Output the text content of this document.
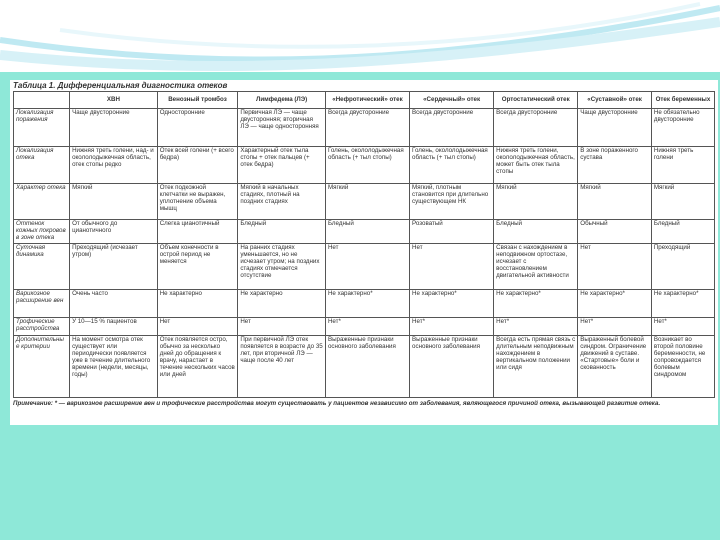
Таблица 1. Дифференциальная диагностика отеков
	ХВН	Венозный тромбоз	Лимфедема (ЛЭ)	«Нефротический» отек	«Сердечный» отек	Ортостатический отек	«Суставной» отек	Отек беременных
Локализация поражения	Чаще двусторонние	Односторонние	Первичная ЛЭ — чаще двусторонняя; вторичная ЛЭ — чаще односторонняя	Всегда двусторонние	Всегда двусторонние	Всегда двусторонние	Чаще двусторонние	Не обязательно двусторонние
Локализация отека	Нижняя треть голени, над- и окололодыжечная область, отек стопы редко	Отек всей голени (+ всего бедра)	Характерный отек тыла стопы + отек пальцев (+ отек бедра)	Голень, окололодыжечная область (+ тыл стопы)	Голень, окололодыжечная область (+ тыл стопы)	Нижняя треть голени, окололодыжечная область, может быть отек тыла стопы	В зоне пораженного сустава	Нижняя треть голени
Характер отека	Мягкий	Отек подкожной клетчатки не выражен, уплотнение объема мышц	Мягкий в начальных стадиях, плотный на поздних стадиях	Мягкий	Мягкий, плотным становится при длительно существующем НК	Мягкий	Мягкий	Мягкий
Оттенок кожных покровов в зоне отека	От обычного до цианотичного	Слегка цианотичный	Бледный	Бледный	Розоватый	Бледный	Обычный	Бледный
Суточная динамика	Преходящий (исчезает утром)	Объем конечности в острой период не меняется	На ранних стадиях уменьшается, но не исчезает утром; на поздних стадиях отмечается отсутствие	Нет	Нет	Связан с нахождением в неподвижном ортостазе, исчезает с восстановлением двигательной активности	Нет	Преходящий
Варикозное расширение вен	Очень часто	Не характерно	Не характерно	Не характерно*	Не характерно*	Не характерно*	Не характерно*	Не характерно*
Трофические расстройства	У 10—15 % пациентов	Нет	Нет	Нет*	Нет*	Нет*	Нет*	Нет*
Дополнительные критерии	На момент осмотра отек существует или периодически появляется уже в течение длительного времени (недели, месяцы, годы)	Отек появляется остро, обычно за несколько дней до обращения к врачу, нарастает в течение нескольких часов или дней	При первичной ЛЭ отек появляется в возрасте до 35 лет, при вторичной ЛЭ — чаще после 40 лет	Выраженные признаки основного заболевания	Выраженные признаки основного заболевания	Всегда есть прямая связь с длительным неподвижным нахождением в вертикальном положении или сидя	Выраженный болевой синдром. Ограничение движений в суставе. «Стартовые» боли и скованность	Возникает во второй половине беременности, не сопровождается болевым синдромом
Примечание: * — варикозное расширение вен и трофические расстройства могут существовать у пациентов независимо от заболевания, являющегося причиной отека, вызывающей развитие отека.
